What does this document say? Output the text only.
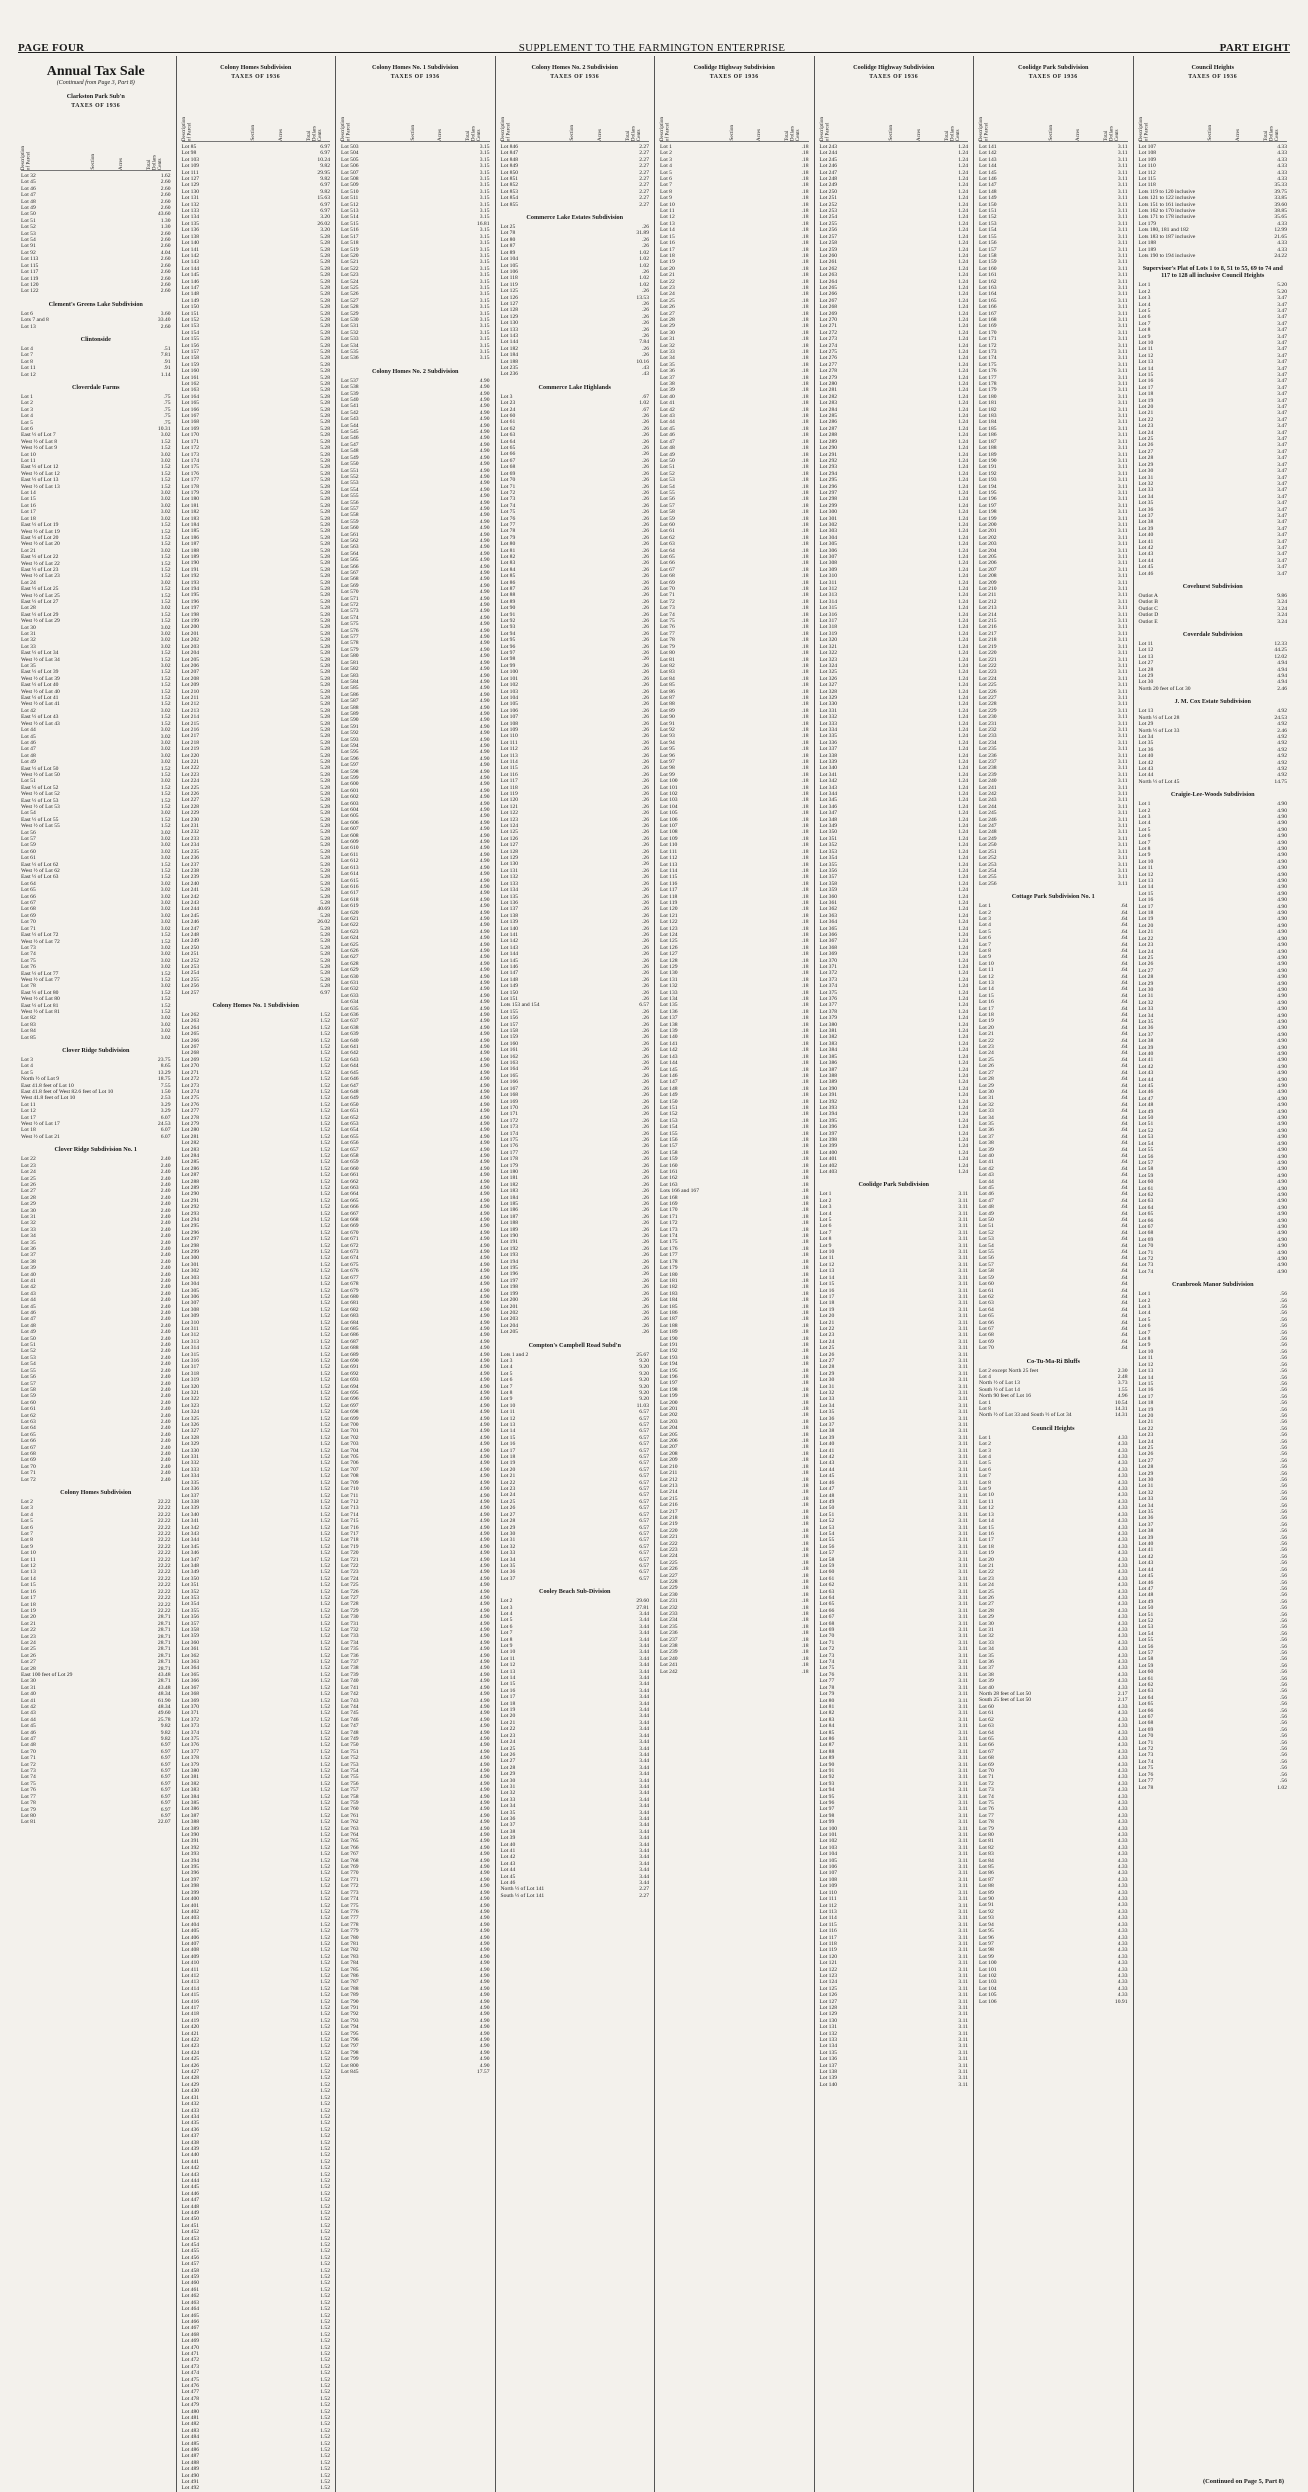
PAGE FOUR	SUPPLEMENT TO THE FARMINGTON ENTERPRISE	PART EIGHT
Annual Tax Sale
(Continued from Page 3, Part 8)
Clarkston Park Sub'n
TAXES OF 1936
Description
of Parcel	Section	Acres	Total
Dollars
Cents
Lot 32	1.62
Lot 45	2.60
Lot 46	2.60
Lot 47	2.60
Lot 48	2.60
Lot 49	2.60
Lot 50	43.60
Lot 51	1.30
Lot 52	1.30
Lot 53	2.60
Lot 54	2.60
Lot 91	2.60
Lot 92	4.04
Lot 113	2.60
Lot 115	2.60
Lot 117	2.60
Lot 119	2.60
Lot 120	2.60
Lot 122	2.60
Clement's Greens Lake Subdivision
Lot 6	3.60
Lots 7 and 8	33.40
Lot 13	2.60
Clintonside
Lot 4	.51
Lot 7	7.81
Lot 8	.91
Lot 11	.91
Lot 12	1.14
Cloverdale Farms
Lot 1	.75
Lot 2	.75
Lot 3	.75
Lot 4	.75
Lot 5	.75
Lot 6	10.31
East ½ of Lot 7	3.02
West ½ of Lot 8	1.52
West ½ of Lot 9	1.52
Lot 10	3.02
Lot 11	3.02
East ½ of Lot 12	1.52
West ½ of Lot 12	1.52
East ½ of Lot 13	1.52
West ½ of Lot 13	1.52
Lot 14	3.02
Lot 15	3.02
Lot 16	3.02
Lot 17	3.02
Lot 18	3.02
East ½ of Lot 19	1.52
West ½ of Lot 19	1.52
East ½ of Lot 20	1.52
West ½ of Lot 20	1.52
Lot 21	3.02
East ½ of Lot 22	1.52
West ½ of Lot 22	1.52
East ½ of Lot 23	1.52
West ½ of Lot 23	1.52
Lot 24	3.02
East ½ of Lot 25	1.52
West ½ of Lot 25	1.52
East ½ of Lot 27	1.52
Lot 28	3.02
East ½ of Lot 29	1.52
West ½ of Lot 29	1.52
Lot 30	3.02
Lot 31	3.02
Lot 32	3.02
Lot 33	3.02
East ½ of Lot 34	1.52
West ½ of Lot 34	1.52
Lot 35	3.02
East ½ of Lot 39	1.52
West ½ of Lot 39	1.52
East ½ of Lot 40	1.52
West ½ of Lot 40	1.52
East ½ of Lot 41	1.52
West ½ of Lot 41	1.52
Lot 42	3.02
East ½ of Lot 43	1.52
West ½ of Lot 43	1.52
Lot 44	3.02
Lot 45	3.02
Lot 46	3.02
Lot 47	3.02
Lot 48	3.02
Lot 49	3.02
East ½ of Lot 50	1.52
West ½ of Lot 50	1.52
Lot 51	3.02
East ½ of Lot 52	1.52
West ½ of Lot 52	1.52
East ½ of Lot 53	1.52
West ½ of Lot 53	1.52
Lot 54	3.02
East ½ of Lot 55	1.52
West ½ of Lot 55	1.52
Lot 56	3.02
Lot 57	3.02
Lot 59	3.02
Lot 60	3.02
Lot 61	3.02
East ½ of Lot 62	1.52
West ½ of Lot 62	1.52
East ½ of Lot 63	1.52
Lot 64	3.02
Lot 65	3.02
Lot 66	3.02
Lot 67	3.02
Lot 68	3.02
Lot 69	3.02
Lot 70	3.02
Lot 71	3.02
East ½ of Lot 72	1.52
West ½ of Lot 72	1.52
Lot 73	3.02
Lot 74	3.02
Lot 75	3.02
Lot 76	3.02
East ½ of Lot 77	1.52
West ½ of Lot 77	1.52
Lot 78	3.02
East ½ of Lot 80	1.52
West ½ of Lot 80	1.52
East ½ of Lot 81	1.52
West ½ of Lot 81	1.52
Lot 82	3.02
Lot 83	3.02
Lot 84	3.02
Lot 85	3.02
Clover Ridge Subdivision
Lot 3	23.75
Lot 4	8.65
Lot 5	13.29
North ½ of Lot 9	18.75
East 41.8 feet of Lot 10	7.55
East 41.8 feet of West 82.6 feet of Lot 10	1.50
West 41.8 feet of Lot 10	2.53
Lot 11	3.29
Lot 12	3.29
Lot 17	6.07
West ½ of Lot 17	24.53
Lot 18	6.07
West ½ of Lot 21	6.07
Clover Ridge Subdivision No. 1
Lot 22	2.40
Lot 23	2.40
Lot 24	2.40
Lot 25	2.40
Lot 26	2.40
Lot 27	2.40
Lot 28	2.40
Lot 29	2.40
Lot 30	2.40
Lot 31	2.40
Lot 32	2.40
Lot 33	2.40
Lot 34	2.40
Lot 35	2.40
Lot 36	2.40
Lot 37	2.40
Lot 38	2.40
Lot 39	2.40
Lot 40	2.40
Lot 41	2.40
Lot 42	2.40
Lot 43	2.40
Lot 44	2.40
Lot 45	2.40
Lot 46	2.40
Lot 47	2.40
Lot 48	2.40
Lot 49	2.40
Lot 50	2.40
Lot 51	2.40
Lot 52	2.40
Lot 53	2.40
Lot 54	2.40
Lot 55	2.40
Lot 56	2.40
Lot 57	2.40
Lot 58	2.40
Lot 59	2.40
Lot 60	2.40
Lot 61	2.40
Lot 62	2.40
Lot 63	2.40
Lot 64	2.40
Lot 65	2.40
Lot 66	2.40
Lot 67	2.40
Lot 68	2.40
Lot 69	2.40
Lot 70	2.40
Lot 71	2.40
Lot 72	2.40
Colony Homes Subdivision
Lot 2	22.22
Lot 3	22.22
Lot 4	22.22
Lot 5	22.22
Lot 6	22.22
Lot 7	22.22
Lot 8	22.22
Lot 9	22.22
Lot 10	22.22
Lot 11	22.22
Lot 12	22.22
Lot 13	22.22
Lot 14	22.22
Lot 15	22.22
Lot 16	22.22
Lot 17	22.22
Lot 18	22.22
Lot 19	22.22
Lot 20	28.71
Lot 21	28.71
Lot 22	28.71
Lot 23	28.71
Lot 24	28.71
Lot 25	28.71
Lot 26	28.71
Lot 27	28.71
Lot 28	28.71
East 100 feet of Lot 29	43.48
Lot 30	28.71
Lot 31	43.48
Lot 40	48.34
Lot 41	61.90
Lot 42	48.34
Lot 43	49.60
Lot 44	25.78
Lot 45	9.82
Lot 46	9.82
Lot 47	9.82
Lot 48	6.97
Lot 70	6.97
Lot 71	6.97
Lot 72	6.97
Lot 73	6.97
Lot 74	6.97
Lot 75	6.97
Lot 76	6.97
Lot 77	6.97
Lot 78	6.97
Lot 79	6.97
Lot 80	6.97
Lot 81	22.07
Colony Homes Subdivision
TAXES OF 1936
Description
of Parcel	Section	Acres	Total
Dollars
Cents
Lot 85	6.97
Lot 98	6.97
Lot 103	10.24
Lot 109	9.82
Lot 111	29.95
Lot 127	9.82
Lot 129	6.97
Lot 130	9.82
Lot 131	15.63
Lot 132	6.97
Lot 133	6.97
Lot 134	3.20
Lot 135	26.02
Lot 136	3.20
Lot 138	5.28
Lot 140	5.28
Lot 141	5.28
Lot 142	5.28
Lot 143	5.28
Lot 144	5.28
Lot 145	5.28
Lot 146	5.28
Lot 147	5.28
Lot 148	5.28
Lot 149	5.28
Lot 150	5.28
Lot 151	5.28
Lot 152	5.28
Lot 153	5.28
Lot 154	5.28
Lot 155	5.28
Lot 156	5.28
Lot 157	5.28
Lot 158	5.28
Lot 159	5.28
Lot 160	5.28
Lot 161	5.28
Lot 162	5.28
Lot 163	5.28
Lot 164	5.28
Lot 165	5.28
Lot 166	5.28
Lot 167	5.28
Lot 168	5.28
Lot 169	5.28
Lot 170	5.28
Lot 171	5.28
Lot 172	5.28
Lot 173	5.28
Lot 174	5.28
Lot 175	5.28
Lot 176	5.28
Lot 177	5.28
Lot 178	5.28
Lot 179	5.28
Lot 180	5.28
Lot 181	5.28
Lot 182	5.28
Lot 183	5.28
Lot 184	5.28
Lot 185	5.28
Lot 186	5.28
Lot 187	5.28
Lot 188	5.28
Lot 189	5.28
Lot 190	5.28
Lot 191	5.28
Lot 192	5.28
Lot 193	5.28
Lot 194	5.28
Lot 195	5.28
Lot 196	5.28
Lot 197	5.28
Lot 198	5.28
Lot 199	5.28
Lot 200	5.28
Lot 201	5.28
Lot 202	5.28
Lot 203	5.28
Lot 204	5.28
Lot 205	5.28
Lot 206	5.28
Lot 207	5.28
Lot 208	5.28
Lot 209	5.28
Lot 210	5.28
Lot 211	5.28
Lot 212	5.28
Lot 213	5.28
Lot 214	5.28
Lot 215	5.28
Lot 216	5.28
Lot 217	5.28
Lot 218	5.28
Lot 219	5.28
Lot 220	5.28
Lot 221	5.28
Lot 222	5.28
Lot 223	5.28
Lot 224	5.28
Lot 225	5.28
Lot 226	5.28
Lot 227	5.28
Lot 228	5.28
Lot 229	5.28
Lot 230	5.28
Lot 231	5.28
Lot 232	5.28
Lot 233	5.28
Lot 234	5.28
Lot 235	5.28
Lot 236	5.28
Lot 237	5.28
Lot 238	5.28
Lot 239	5.28
Lot 240	5.28
Lot 241	5.28
Lot 242	5.28
Lot 243	5.28
Lot 244	40.69
Lot 245	5.28
Lot 246	26.02
Lot 247	5.28
Lot 248	5.28
Lot 249	5.28
Lot 250	5.28
Lot 251	5.28
Lot 252	5.28
Lot 253	5.28
Lot 254	5.28
Lot 255	5.28
Lot 256	5.28
Lot 257	6.97
Colony Homes No. 1 Subdivision
Lot 262	1.52
Lot 263	1.52
Lot 264	1.52
Lot 265	1.52
Lot 266	1.52
Lot 267	1.52
Lot 268	1.52
Lot 269	1.52
Lot 270	1.52
Lot 271	1.52
Lot 272	1.52
Lot 273	1.52
Lot 274	1.52
Lot 275	1.52
Lot 276	1.52
Lot 277	1.52
Lot 278	1.52
Lot 279	1.52
Lot 280	1.52
Lot 281	1.52
Lot 282	1.52
Lot 283	1.52
Lot 284	1.52
Lot 285	1.52
Lot 286	1.52
Lot 287	1.52
Lot 288	1.52
Lot 289	1.52
Lot 290	1.52
Lot 291	1.52
Lot 292	1.52
Lot 293	1.52
Lot 294	1.52
Lot 295	1.52
Lot 296	1.52
Lot 297	1.52
Lot 298	1.52
Lot 299	1.52
Lot 300	1.52
Lot 301	1.52
Lot 302	1.52
Lot 303	1.52
Lot 304	1.52
Lot 305	1.52
Lot 306	1.52
Lot 307	1.52
Lot 308	1.52
Lot 309	1.52
Lot 310	1.52
Lot 311	1.52
Lot 312	1.52
Lot 313	1.52
Lot 314	1.52
Lot 315	1.52
Lot 316	1.52
Lot 317	1.52
Lot 318	1.52
Lot 319	1.52
Lot 320	1.52
Lot 321	1.52
Lot 322	1.52
Lot 323	1.52
Lot 324	1.52
Lot 325	1.52
Lot 326	1.52
Lot 327	1.52
Lot 328	1.52
Lot 329	1.52
Lot 330	1.52
Lot 331	1.52
Lot 332	1.52
Lot 333	1.52
Lot 334	1.52
Lot 335	1.52
Lot 336	1.52
Lot 337	1.52
Lot 338	1.52
Lot 339	1.52
Lot 340	1.52
Lot 341	1.52
Lot 342	1.52
Lot 343	1.52
Lot 344	1.52
Lot 345	1.52
Lot 346	1.52
Lot 347	1.52
Lot 348	1.52
Lot 349	1.52
Lot 350	1.52
Lot 351	1.52
Lot 352	1.52
Lot 353	1.52
Lot 354	1.52
Lot 355	1.52
Lot 356	1.52
Lot 357	1.52
Lot 358	1.52
Lot 359	1.52
Lot 360	1.52
Lot 361	1.52
Lot 362	1.52
Lot 363	1.52
Lot 364	1.52
Lot 365	1.52
Lot 366	1.52
Lot 367	1.52
Lot 368	1.52
Lot 369	1.52
Lot 370	1.52
Lot 371	1.52
Lot 372	1.52
Lot 373	1.52
Lot 374	1.52
Lot 375	1.52
Lot 376	1.52
Lot 377	1.52
Lot 378	1.52
Lot 379	1.52
Lot 380	1.52
Lot 381	1.52
Lot 382	1.52
Lot 383	1.52
Lot 384	1.52
Lot 385	1.52
Lot 386	1.52
Lot 387	1.52
Lot 388	1.52
Lot 389	1.52
Lot 390	1.52
Lot 391	1.52
Lot 392	1.52
Lot 393	1.52
Lot 394	1.52
Lot 395	1.52
Lot 396	1.52
Lot 397	1.52
Lot 398	1.52
Lot 399	1.52
Lot 400	1.52
Lot 401	1.52
Lot 402	1.52
Lot 403	1.52
Lot 404	1.52
Lot 405	1.52
Lot 406	1.52
Lot 407	1.52
Lot 408	1.52
Lot 409	1.52
Lot 410	1.52
Lot 411	1.52
Lot 412	1.52
Lot 413	1.52
Lot 414	1.52
Lot 415	1.52
Lot 416	1.52
Lot 417	1.52
Lot 418	1.52
Lot 419	1.52
Lot 420	1.52
Lot 421	1.52
Lot 422	1.52
Lot 423	1.52
Lot 424	1.52
Lot 425	1.52
Lot 426	1.52
Lot 427	1.52
Lot 428	1.52
Lot 429	1.52
Lot 430	1.52
Lot 431	1.52
Lot 432	1.52
Lot 433	1.52
Lot 434	1.52
Lot 435	1.52
Lot 436	1.52
Lot 437	1.52
Lot 438	1.52
Lot 439	1.52
Lot 440	1.52
Lot 441	1.52
Lot 442	1.52
Lot 443	1.52
Lot 444	1.52
Lot 445	1.52
Lot 446	1.52
Lot 447	1.52
Lot 448	1.52
Lot 449	1.52
Lot 450	1.52
Lot 451	1.52
Lot 452	1.52
Lot 453	1.52
Lot 454	1.52
Lot 455	1.52
Lot 456	1.52
Lot 457	1.52
Lot 458	1.52
Lot 459	1.52
Lot 460	1.52
Lot 461	1.52
Lot 462	1.52
Lot 463	1.52
Lot 464	1.52
Lot 465	1.52
Lot 466	1.52
Lot 467	1.52
Lot 468	1.52
Lot 469	1.52
Lot 470	1.52
Lot 471	1.52
Lot 472	1.52
Lot 473	1.52
Lot 474	1.52
Lot 475	1.52
Lot 476	1.52
Lot 477	1.52
Lot 478	1.52
Lot 479	1.52
Lot 480	1.52
Lot 481	1.52
Lot 482	1.52
Lot 483	1.52
Lot 484	1.52
Lot 485	1.52
Lot 486	1.52
Lot 487	1.52
Lot 488	1.52
Lot 489	1.52
Lot 490	1.52
Lot 491	1.52
Lot 492	1.52
Colony Homes No. 1 Subdivision
TAXES OF 1936
Description
of Parcel	Section	Acres	Total
Dollars
Cents
Lot 503	3.15
Lot 504	3.15
Lot 505	3.15
Lot 506	3.15
Lot 507	3.15
Lot 508	3.15
Lot 509	3.15
Lot 510	3.15
Lot 511	3.15
Lot 512	3.15
Lot 513	3.15
Lot 514	3.15
Lot 515	16.81
Lot 516	3.15
Lot 517	3.15
Lot 518	3.15
Lot 519	3.15
Lot 520	3.15
Lot 521	3.15
Lot 522	3.15
Lot 523	3.15
Lot 524	3.15
Lot 525	3.15
Lot 526	3.15
Lot 527	3.15
Lot 528	3.15
Lot 529	3.15
Lot 530	3.15
Lot 531	3.15
Lot 532	3.15
Lot 533	3.15
Lot 534	3.15
Lot 535	3.15
Lot 536	3.15
Colony Homes No. 2 Subdivision
Lot 537	4.90
Lot 538	4.90
Lot 539	4.90
Lot 540	4.90
Lot 541	4.90
Lot 542	4.90
Lot 543	4.90
Lot 544	4.90
Lot 545	4.90
Lot 546	4.90
Lot 547	4.90
Lot 548	4.90
Lot 549	4.90
Lot 550	4.90
Lot 551	4.90
Lot 552	4.90
Lot 553	4.90
Lot 554	4.90
Lot 555	4.90
Lot 556	4.90
Lot 557	4.90
Lot 558	4.90
Lot 559	4.90
Lot 560	4.90
Lot 561	4.90
Lot 562	4.90
Lot 563	4.90
Lot 564	4.90
Lot 565	4.90
Lot 566	4.90
Lot 567	4.90
Lot 568	4.90
Lot 569	4.90
Lot 570	4.90
Lot 571	4.90
Lot 572	4.90
Lot 573	4.90
Lot 574	4.90
Lot 575	4.90
Lot 576	4.90
Lot 577	4.90
Lot 578	4.90
Lot 579	4.90
Lot 580	4.90
Lot 581	4.90
Lot 582	4.90
Lot 583	4.90
Lot 584	4.90
Lot 585	4.90
Lot 586	4.90
Lot 587	4.90
Lot 588	4.90
Lot 589	4.90
Lot 590	4.90
Lot 591	4.90
Lot 592	4.90
Lot 593	4.90
Lot 594	4.90
Lot 595	4.90
Lot 596	4.90
Lot 597	4.90
Lot 598	4.90
Lot 599	4.90
Lot 600	4.90
Lot 601	4.90
Lot 602	4.90
Lot 603	4.90
Lot 604	4.90
Lot 605	4.90
Lot 606	4.90
Lot 607	4.90
Lot 608	4.90
Lot 609	4.90
Lot 610	4.90
Lot 611	4.90
Lot 612	4.90
Lot 613	4.90
Lot 614	4.90
Lot 615	4.90
Lot 616	4.90
Lot 617	4.90
Lot 618	4.90
Lot 619	4.90
Lot 620	4.90
Lot 621	4.90
Lot 622	4.90
Lot 623	4.90
Lot 624	4.90
Lot 625	4.90
Lot 626	4.90
Lot 627	4.90
Lot 628	4.90
Lot 629	4.90
Lot 630	4.90
Lot 631	4.90
Lot 632	4.90
Lot 633	4.90
Lot 634	4.90
Lot 635	4.90
Lot 636	4.90
Lot 637	4.90
Lot 638	4.90
Lot 639	4.90
Lot 640	4.90
Lot 641	4.90
Lot 642	4.90
Lot 643	4.90
Lot 644	4.90
Lot 645	4.90
Lot 646	4.90
Lot 647	4.90
Lot 648	4.90
Lot 649	4.90
Lot 650	4.90
Lot 651	4.90
Lot 652	4.90
Lot 653	4.90
Lot 654	4.90
Lot 655	4.90
Lot 656	4.90
Lot 657	4.90
Lot 658	4.90
Lot 659	4.90
Lot 660	4.90
Lot 661	4.90
Lot 662	4.90
Lot 663	4.90
Lot 664	4.90
Lot 665	4.90
Lot 666	4.90
Lot 667	4.90
Lot 668	4.90
Lot 669	4.90
Lot 670	4.90
Lot 671	4.90
Lot 672	4.90
Lot 673	4.90
Lot 674	4.90
Lot 675	4.90
Lot 676	4.90
Lot 677	4.90
Lot 678	4.90
Lot 679	4.90
Lot 680	4.90
Lot 681	4.90
Lot 682	4.90
Lot 683	4.90
Lot 684	4.90
Lot 685	4.90
Lot 686	4.90
Lot 687	4.90
Lot 688	4.90
Lot 689	4.90
Lot 690	4.90
Lot 691	4.90
Lot 692	4.90
Lot 693	4.90
Lot 694	4.90
Lot 695	4.90
Lot 696	4.90
Lot 697	4.90
Lot 698	4.90
Lot 699	4.90
Lot 700	4.90
Lot 701	4.90
Lot 702	4.90
Lot 703	4.90
Lot 704	4.90
Lot 705	4.90
Lot 706	4.90
Lot 707	4.90
Lot 708	4.90
Lot 709	4.90
Lot 710	4.90
Lot 711	4.90
Lot 712	4.90
Lot 713	4.90
Lot 714	4.90
Lot 715	4.90
Lot 716	4.90
Lot 717	4.90
Lot 718	4.90
Lot 719	4.90
Lot 720	4.90
Lot 721	4.90
Lot 722	4.90
Lot 723	4.90
Lot 724	4.90
Lot 725	4.90
Lot 726	4.90
Lot 727	4.90
Lot 728	4.90
Lot 729	4.90
Lot 730	4.90
Lot 731	4.90
Lot 732	4.90
Lot 733	4.90
Lot 734	4.90
Lot 735	4.90
Lot 736	4.90
Lot 737	4.90
Lot 738	4.90
Lot 739	4.90
Lot 740	4.90
Lot 741	4.90
Lot 742	4.90
Lot 743	4.90
Lot 744	4.90
Lot 745	4.90
Lot 746	4.90
Lot 747	4.90
Lot 748	4.90
Lot 749	4.90
Lot 750	4.90
Lot 751	4.90
Lot 752	4.90
Lot 753	4.90
Lot 754	4.90
Lot 755	4.90
Lot 756	4.90
Lot 757	4.90
Lot 758	4.90
Lot 759	4.90
Lot 760	4.90
Lot 761	4.90
Lot 762	4.90
Lot 763	4.90
Lot 764	4.90
Lot 765	4.90
Lot 766	4.90
Lot 767	4.90
Lot 768	4.90
Lot 769	4.90
Lot 770	4.90
Lot 771	4.90
Lot 772	4.90
Lot 773	4.90
Lot 774	4.90
Lot 775	4.90
Lot 776	4.90
Lot 777	4.90
Lot 778	4.90
Lot 779	4.90
Lot 780	4.90
Lot 781	4.90
Lot 782	4.90
Lot 783	4.90
Lot 784	4.90
Lot 785	4.90
Lot 786	4.90
Lot 787	4.90
Lot 788	4.90
Lot 789	4.90
Lot 790	4.90
Lot 791	4.90
Lot 792	4.90
Lot 793	4.90
Lot 794	4.90
Lot 795	4.90
Lot 796	4.90
Lot 797	4.90
Lot 798	4.90
Lot 799	4.90
Lot 800	4.90
Lot 845	17.57
Colony Homes No. 2 Subdivision
TAXES OF 1936
Description
of Parcel	Section	Acres	Total
Dollars
Cents
Lot 846	2.27
Lot 847	2.27
Lot 848	2.27
Lot 849	2.27
Lot 850	2.27
Lot 851	2.27
Lot 852	2.27
Lot 853	2.27
Lot 854	2.27
Lot 855	2.27
Commerce Lake Estates Subdivision
Lot 25	.26
Lot 78	31.89
Lot 80	.26
Lot 87	.26
Lot 89	1.02
Lot 104	1.02
Lot 105	1.02
Lot 106	.26
Lot 118	1.02
Lot 119	1.02
Lot 125	.26
Lot 126	13.53
Lot 127	.26
Lot 128	.26
Lot 129	.26
Lot 130	.26
Lot 133	.26
Lot 143	.26
Lot 144	7.84
Lot 182	.26
Lot 184	.26
Lot 188	10.16
Lot 235	.43
Lot 236	.43
Commerce Lake Highlands
Lot 3	.67
Lot 23	1.02
Lot 24	.67
Lot 60	.26
Lot 61	.26
Lot 62	.26
Lot 63	.26
Lot 64	.26
Lot 65	.26
Lot 66	.26
Lot 67	.26
Lot 68	.26
Lot 69	.26
Lot 70	.26
Lot 71	.26
Lot 72	.26
Lot 73	.26
Lot 74	.26
Lot 75	.26
Lot 76	.26
Lot 77	.26
Lot 78	.26
Lot 79	.26
Lot 80	.26
Lot 81	.26
Lot 82	.26
Lot 83	.26
Lot 84	.26
Lot 85	.26
Lot 86	.26
Lot 87	.26
Lot 88	.26
Lot 89	.26
Lot 90	.26
Lot 91	.26
Lot 92	.26
Lot 93	.26
Lot 94	.26
Lot 95	.26
Lot 96	.26
Lot 97	.26
Lot 98	.26
Lot 99	.26
Lot 100	.26
Lot 101	.26
Lot 102	.26
Lot 103	.26
Lot 104	.26
Lot 105	.26
Lot 106	.26
Lot 107	.26
Lot 108	.26
Lot 109	.26
Lot 110	.26
Lot 111	.26
Lot 112	.26
Lot 113	.26
Lot 114	.26
Lot 115	.26
Lot 116	.26
Lot 117	.26
Lot 118	.26
Lot 119	.26
Lot 120	.26
Lot 121	.26
Lot 122	.26
Lot 123	.26
Lot 124	.26
Lot 125	.26
Lot 126	.26
Lot 127	.26
Lot 128	.26
Lot 129	.26
Lot 130	.26
Lot 131	.26
Lot 132	.26
Lot 133	.26
Lot 134	.26
Lot 135	.26
Lot 136	.26
Lot 137	.26
Lot 138	.26
Lot 139	.26
Lot 140	.26
Lot 141	.26
Lot 142	.26
Lot 143	.26
Lot 144	.26
Lot 145	.26
Lot 146	.26
Lot 147	.26
Lot 148	.26
Lot 149	.26
Lot 150	.26
Lot 151	.26
Lots 153 and 154	6.57
Lot 155	.26
Lot 156	.26
Lot 157	.26
Lot 158	.26
Lot 159	.26
Lot 160	.26
Lot 161	.26
Lot 162	.26
Lot 163	.26
Lot 164	.26
Lot 165	.26
Lot 166	.26
Lot 167	.26
Lot 168	.26
Lot 169	.26
Lot 170	.26
Lot 171	.26
Lot 172	.26
Lot 173	.26
Lot 174	.26
Lot 175	.26
Lot 176	.26
Lot 177	.26
Lot 178	.26
Lot 179	.26
Lot 180	.26
Lot 181	.26
Lot 182	.26
Lot 183	.26
Lot 184	.26
Lot 185	.26
Lot 186	.26
Lot 187	.26
Lot 188	.26
Lot 189	.26
Lot 190	.26
Lot 191	.26
Lot 192	.26
Lot 193	.26
Lot 194	.26
Lot 195	.26
Lot 196	.26
Lot 197	.26
Lot 198	.26
Lot 199	.26
Lot 200	.26
Lot 201	.26
Lot 202	.26
Lot 203	.26
Lot 204	.26
Lot 205	.26
Compton's Campbell Road Subd'n
Lots 1 and 2	25.67
Lot 3	9.20
Lot 4	9.20
Lot 5	9.20
Lot 6	9.20
Lot 7	9.20
Lot 8	9.20
Lot 9	9.20
Lot 10	11.03
Lot 11	6.57
Lot 12	6.57
Lot 13	6.57
Lot 14	6.57
Lot 15	6.57
Lot 16	6.57
Lot 17	6.57
Lot 18	6.57
Lot 19	6.57
Lot 20	6.57
Lot 21	6.57
Lot 22	6.57
Lot 23	6.57
Lot 24	6.57
Lot 25	6.57
Lot 26	6.57
Lot 27	6.57
Lot 28	6.57
Lot 29	6.57
Lot 30	6.57
Lot 31	6.57
Lot 32	6.57
Lot 33	6.57
Lot 34	6.57
Lot 35	6.57
Lot 36	6.57
Lot 37	6.57
Cooley Beach Sub-Division
Lot 2	29.60
Lot 3	27.81
Lot 4	3.44
Lot 5	3.44
Lot 6	3.44
Lot 7	3.44
Lot 8	3.44
Lot 9	3.44
Lot 10	3.44
Lot 11	3.44
Lot 12	3.44
Lot 13	3.44
Lot 14	3.44
Lot 15	3.44
Lot 16	3.44
Lot 17	3.44
Lot 18	3.44
Lot 19	3.44
Lot 20	3.44
Lot 21	3.44
Lot 22	3.44
Lot 23	3.44
Lot 24	3.44
Lot 25	3.44
Lot 26	3.44
Lot 27	3.44
Lot 28	3.44
Lot 29	3.44
Lot 30	3.44
Lot 31	3.44
Lot 32	3.44
Lot 33	3.44
Lot 34	3.44
Lot 35	3.44
Lot 36	3.44
Lot 37	3.44
Lot 38	3.44
Lot 39	3.44
Lot 40	3.44
Lot 41	3.44
Lot 42	3.44
Lot 43	3.44
Lot 44	3.44
Lot 45	3.44
Lot 46	3.44
North ½ of Lot 141	2.27
South ½ of Lot 141	2.27
Coolidge Highway Subdivision
TAXES OF 1936
Description
of Parcel	Section	Acres	Total
Dollars
Cents
Lot 1	.18
Lot 2	.18
Lot 3	.18
Lot 4	.18
Lot 5	.18
Lot 6	.18
Lot 7	.18
Lot 8	.18
Lot 9	.18
Lot 10	.18
Lot 11	.18
Lot 12	.18
Lot 13	.18
Lot 14	.18
Lot 15	.18
Lot 16	.18
Lot 17	.18
Lot 18	.18
Lot 19	.18
Lot 20	.18
Lot 21	.18
Lot 22	.18
Lot 23	.18
Lot 24	.18
Lot 25	.18
Lot 26	.18
Lot 27	.18
Lot 28	.18
Lot 29	.18
Lot 30	.18
Lot 31	.18
Lot 32	.18
Lot 33	.18
Lot 34	.18
Lot 35	.18
Lot 36	.18
Lot 37	.18
Lot 38	.18
Lot 39	.18
Lot 40	.18
Lot 41	.18
Lot 42	.18
Lot 43	.18
Lot 44	.18
Lot 45	.18
Lot 46	.18
Lot 47	.18
Lot 48	.18
Lot 49	.18
Lot 50	.18
Lot 51	.18
Lot 52	.18
Lot 53	.18
Lot 54	.18
Lot 55	.18
Lot 56	.18
Lot 57	.18
Lot 58	.18
Lot 59	.18
Lot 60	.18
Lot 61	.18
Lot 62	.18
Lot 63	.18
Lot 64	.18
Lot 65	.18
Lot 66	.18
Lot 67	.18
Lot 68	.18
Lot 69	.18
Lot 70	.18
Lot 71	.18
Lot 72	.18
Lot 73	.18
Lot 74	.18
Lot 75	.18
Lot 76	.18
Lot 77	.18
Lot 78	.18
Lot 79	.18
Lot 80	.18
Lot 81	.18
Lot 82	.18
Lot 83	.18
Lot 84	.18
Lot 85	.18
Lot 86	.18
Lot 87	.18
Lot 88	.18
Lot 89	.18
Lot 90	.18
Lot 91	.18
Lot 92	.18
Lot 93	.18
Lot 94	.18
Lot 95	.18
Lot 96	.18
Lot 97	.18
Lot 98	.18
Lot 99	.18
Lot 100	.18
Lot 101	.18
Lot 102	.18
Lot 103	.18
Lot 104	.18
Lot 105	.18
Lot 106	.18
Lot 107	.18
Lot 108	.18
Lot 109	.18
Lot 110	.18
Lot 111	.18
Lot 112	.18
Lot 113	.18
Lot 114	.18
Lot 115	.18
Lot 116	.18
Lot 117	.18
Lot 118	.18
Lot 119	.18
Lot 120	.18
Lot 121	.18
Lot 122	.18
Lot 123	.18
Lot 124	.18
Lot 125	.18
Lot 126	.18
Lot 127	.18
Lot 128	.18
Lot 129	.18
Lot 130	.18
Lot 131	.18
Lot 132	.18
Lot 133	.18
Lot 134	.18
Lot 135	.18
Lot 136	.18
Lot 137	.18
Lot 138	.18
Lot 139	.18
Lot 140	.18
Lot 141	.18
Lot 142	.18
Lot 143	.18
Lot 144	.18
Lot 145	.18
Lot 146	.18
Lot 147	.18
Lot 148	.18
Lot 149	.18
Lot 150	.18
Lot 151	.18
Lot 152	.18
Lot 153	.18
Lot 154	.18
Lot 155	.18
Lot 156	.18
Lot 157	.18
Lot 158	.18
Lot 159	.18
Lot 160	.18
Lot 161	.18
Lot 162	.18
Lot 163	.18
Lots 166 and 167	.18
Lot 168	.18
Lot 169	.18
Lot 170	.18
Lot 171	.18
Lot 172	.18
Lot 173	.18
Lot 174	.18
Lot 175	.18
Lot 176	.18
Lot 177	.18
Lot 178	.18
Lot 179	.18
Lot 180	.18
Lot 181	.18
Lot 182	.18
Lot 183	.18
Lot 184	.18
Lot 185	.18
Lot 186	.18
Lot 187	.18
Lot 188	.18
Lot 189	.18
Lot 190	.18
Lot 191	.18
Lot 192	.18
Lot 193	.18
Lot 194	.18
Lot 195	.18
Lot 196	.18
Lot 197	.18
Lot 198	.18
Lot 199	.18
Lot 200	.18
Lot 201	.18
Lot 202	.18
Lot 203	.18
Lot 204	.18
Lot 205	.18
Lot 206	.18
Lot 207	.18
Lot 208	.18
Lot 209	.18
Lot 210	.18
Lot 211	.18
Lot 212	.18
Lot 213	.18
Lot 214	.18
Lot 215	.18
Lot 216	.18
Lot 217	.18
Lot 218	.18
Lot 219	.18
Lot 220	.18
Lot 221	.18
Lot 222	.18
Lot 223	.18
Lot 224	.18
Lot 225	.18
Lot 226	.18
Lot 227	.18
Lot 228	.18
Lot 229	.18
Lot 230	.18
Lot 231	.18
Lot 232	.18
Lot 233	.18
Lot 234	.18
Lot 235	.18
Lot 236	.18
Lot 237	.18
Lot 238	.18
Lot 239	.18
Lot 240	.18
Lot 241	.18
Lot 242	.18
Coolidge Highway Subdivision
TAXES OF 1936
Description
of Parcel	Section	Acres	Total
Dollars
Cents
Lot 243	1.24
Lot 244	1.24
Lot 245	1.24
Lot 246	1.24
Lot 247	1.24
Lot 248	1.24
Lot 249	1.24
Lot 250	1.24
Lot 251	1.24
Lot 252	1.24
Lot 253	1.24
Lot 254	1.24
Lot 255	1.24
Lot 256	1.24
Lot 257	1.24
Lot 258	1.24
Lot 259	1.24
Lot 260	1.24
Lot 261	1.24
Lot 262	1.24
Lot 263	1.24
Lot 264	1.24
Lot 265	1.24
Lot 266	1.24
Lot 267	1.24
Lot 268	1.24
Lot 269	1.24
Lot 270	1.24
Lot 271	1.24
Lot 272	1.24
Lot 273	1.24
Lot 274	1.24
Lot 275	1.24
Lot 276	1.24
Lot 277	1.24
Lot 278	1.24
Lot 279	1.24
Lot 280	1.24
Lot 281	1.24
Lot 282	1.24
Lot 283	1.24
Lot 284	1.24
Lot 285	1.24
Lot 286	1.24
Lot 287	1.24
Lot 288	1.24
Lot 289	1.24
Lot 290	1.24
Lot 291	1.24
Lot 292	1.24
Lot 293	1.24
Lot 294	1.24
Lot 295	1.24
Lot 296	1.24
Lot 297	1.24
Lot 298	1.24
Lot 299	1.24
Lot 300	1.24
Lot 301	1.24
Lot 302	1.24
Lot 303	1.24
Lot 304	1.24
Lot 305	1.24
Lot 306	1.24
Lot 307	1.24
Lot 308	1.24
Lot 309	1.24
Lot 310	1.24
Lot 311	1.24
Lot 312	1.24
Lot 313	1.24
Lot 314	1.24
Lot 315	1.24
Lot 316	1.24
Lot 317	1.24
Lot 318	1.24
Lot 319	1.24
Lot 320	1.24
Lot 321	1.24
Lot 322	1.24
Lot 323	1.24
Lot 324	1.24
Lot 325	1.24
Lot 326	1.24
Lot 327	1.24
Lot 328	1.24
Lot 329	1.24
Lot 330	1.24
Lot 331	1.24
Lot 332	1.24
Lot 333	1.24
Lot 334	1.24
Lot 335	1.24
Lot 336	1.24
Lot 337	1.24
Lot 338	1.24
Lot 339	1.24
Lot 340	1.24
Lot 341	1.24
Lot 342	1.24
Lot 343	1.24
Lot 344	1.24
Lot 345	1.24
Lot 346	1.24
Lot 347	1.24
Lot 348	1.24
Lot 349	1.24
Lot 350	1.24
Lot 351	1.24
Lot 352	1.24
Lot 353	1.24
Lot 354	1.24
Lot 355	1.24
Lot 356	1.24
Lot 357	1.24
Lot 358	1.24
Lot 359	1.24
Lot 360	1.24
Lot 361	1.24
Lot 362	1.24
Lot 363	1.24
Lot 364	1.24
Lot 365	1.24
Lot 366	1.24
Lot 367	1.24
Lot 368	1.24
Lot 369	1.24
Lot 370	1.24
Lot 371	1.24
Lot 372	1.24
Lot 373	1.24
Lot 374	1.24
Lot 375	1.24
Lot 376	1.24
Lot 377	1.24
Lot 378	1.24
Lot 379	1.24
Lot 380	1.24
Lot 381	1.24
Lot 382	1.24
Lot 383	1.24
Lot 384	1.24
Lot 385	1.24
Lot 386	1.24
Lot 387	1.24
Lot 388	1.24
Lot 389	1.24
Lot 390	1.24
Lot 391	1.24
Lot 392	1.24
Lot 393	1.24
Lot 394	1.24
Lot 395	1.24
Lot 396	1.24
Lot 397	1.24
Lot 398	1.24
Lot 399	1.24
Lot 400	1.24
Lot 401	1.24
Lot 402	1.24
Lot 403	1.24
Coolidge Park Subdivision
Lot 1	3.11
Lot 2	3.11
Lot 3	3.11
Lot 4	3.11
Lot 5	3.11
Lot 6	3.11
Lot 7	3.11
Lot 8	3.11
Lot 9	3.11
Lot 10	3.11
Lot 11	3.11
Lot 12	3.11
Lot 13	3.11
Lot 14	3.11
Lot 15	3.11
Lot 16	3.11
Lot 17	3.11
Lot 18	3.11
Lot 19	3.11
Lot 20	3.11
Lot 21	3.11
Lot 22	3.11
Lot 23	3.11
Lot 24	3.11
Lot 25	3.11
Lot 26	3.11
Lot 27	3.11
Lot 28	3.11
Lot 29	3.11
Lot 30	3.11
Lot 31	3.11
Lot 32	3.11
Lot 33	3.11
Lot 34	3.11
Lot 35	3.11
Lot 36	3.11
Lot 37	3.11
Lot 38	3.11
Lot 39	3.11
Lot 40	3.11
Lot 41	3.11
Lot 42	3.11
Lot 43	3.11
Lot 44	3.11
Lot 45	3.11
Lot 46	3.11
Lot 47	3.11
Lot 48	3.11
Lot 49	3.11
Lot 50	3.11
Lot 51	3.11
Lot 52	3.11
Lot 53	3.11
Lot 54	3.11
Lot 55	3.11
Lot 56	3.11
Lot 57	3.11
Lot 58	3.11
Lot 59	3.11
Lot 60	3.11
Lot 61	3.11
Lot 62	3.11
Lot 63	3.11
Lot 64	3.11
Lot 65	3.11
Lot 66	3.11
Lot 67	3.11
Lot 68	3.11
Lot 69	3.11
Lot 70	3.11
Lot 71	3.11
Lot 72	3.11
Lot 73	3.11
Lot 74	3.11
Lot 75	3.11
Lot 76	3.11
Lot 77	3.11
Lot 78	3.11
Lot 79	3.11
Lot 80	3.11
Lot 81	3.11
Lot 82	3.11
Lot 83	3.11
Lot 84	3.11
Lot 85	3.11
Lot 86	3.11
Lot 87	3.11
Lot 88	3.11
Lot 89	3.11
Lot 90	3.11
Lot 91	3.11
Lot 92	3.11
Lot 93	3.11
Lot 94	3.11
Lot 95	3.11
Lot 96	3.11
Lot 97	3.11
Lot 98	3.11
Lot 99	3.11
Lot 100	3.11
Lot 101	3.11
Lot 102	3.11
Lot 103	3.11
Lot 104	3.11
Lot 105	3.11
Lot 106	3.11
Lot 107	3.11
Lot 108	3.11
Lot 109	3.11
Lot 110	3.11
Lot 111	3.11
Lot 112	3.11
Lot 113	3.11
Lot 114	3.11
Lot 115	3.11
Lot 116	3.11
Lot 117	3.11
Lot 118	3.11
Lot 119	3.11
Lot 120	3.11
Lot 121	3.11
Lot 122	3.11
Lot 123	3.11
Lot 124	3.11
Lot 125	3.11
Lot 126	3.11
Lot 127	3.11
Lot 128	3.11
Lot 129	3.11
Lot 130	3.11
Lot 131	3.11
Lot 132	3.11
Lot 133	3.11
Lot 134	3.11
Lot 135	3.11
Lot 136	3.11
Lot 137	3.11
Lot 138	3.11
Lot 139	3.11
Lot 140	3.11
Coolidge Park Subdivision
TAXES OF 1936
Description
of Parcel	Section	Acres	Total
Dollars
Cents
Lot 141	3.11
Lot 142	3.11
Lot 143	3.11
Lot 144	3.11
Lot 145	3.11
Lot 146	3.11
Lot 147	3.11
Lot 148	3.11
Lot 149	3.11
Lot 150	3.11
Lot 151	3.11
Lot 152	3.11
Lot 153	3.11
Lot 154	3.11
Lot 155	3.11
Lot 156	3.11
Lot 157	3.11
Lot 158	3.11
Lot 159	3.11
Lot 160	3.11
Lot 161	3.11
Lot 162	3.11
Lot 163	3.11
Lot 164	3.11
Lot 165	3.11
Lot 166	3.11
Lot 167	3.11
Lot 168	3.11
Lot 169	3.11
Lot 170	3.11
Lot 171	3.11
Lot 172	3.11
Lot 173	3.11
Lot 174	3.11
Lot 175	3.11
Lot 176	3.11
Lot 177	3.11
Lot 178	3.11
Lot 179	3.11
Lot 180	3.11
Lot 181	3.11
Lot 182	3.11
Lot 183	3.11
Lot 184	3.11
Lot 185	3.11
Lot 186	3.11
Lot 187	3.11
Lot 188	3.11
Lot 189	3.11
Lot 190	3.11
Lot 191	3.11
Lot 192	3.11
Lot 193	3.11
Lot 194	3.11
Lot 195	3.11
Lot 196	3.11
Lot 197	3.11
Lot 198	3.11
Lot 199	3.11
Lot 200	3.11
Lot 201	3.11
Lot 202	3.11
Lot 203	3.11
Lot 204	3.11
Lot 205	3.11
Lot 206	3.11
Lot 207	3.11
Lot 208	3.11
Lot 209	3.11
Lot 210	3.11
Lot 211	3.11
Lot 212	3.11
Lot 213	3.11
Lot 214	3.11
Lot 215	3.11
Lot 216	3.11
Lot 217	3.11
Lot 218	3.11
Lot 219	3.11
Lot 220	3.11
Lot 221	3.11
Lot 222	3.11
Lot 223	3.11
Lot 224	3.11
Lot 225	3.11
Lot 226	3.11
Lot 227	3.11
Lot 228	3.11
Lot 229	3.11
Lot 230	3.11
Lot 231	3.11
Lot 232	3.11
Lot 233	3.11
Lot 234	3.11
Lot 235	3.11
Lot 236	3.11
Lot 237	3.11
Lot 238	3.11
Lot 239	3.11
Lot 240	3.11
Lot 241	3.11
Lot 242	3.11
Lot 243	3.11
Lot 244	3.11
Lot 245	3.11
Lot 246	3.11
Lot 247	3.11
Lot 248	3.11
Lot 249	3.11
Lot 250	3.11
Lot 251	3.11
Lot 252	3.11
Lot 253	3.11
Lot 254	3.11
Lot 255	3.11
Lot 256	3.11
Cottage Park Subdivision No. 1
Lot 1	.64
Lot 2	.64
Lot 3	.64
Lot 4	.64
Lot 5	.64
Lot 6	.64
Lot 7	.64
Lot 8	.64
Lot 9	.64
Lot 10	.64
Lot 11	.64
Lot 12	.64
Lot 13	.64
Lot 14	.64
Lot 15	.64
Lot 16	.64
Lot 17	.64
Lot 18	.64
Lot 19	.64
Lot 20	.64
Lot 21	.64
Lot 22	.64
Lot 23	.64
Lot 24	.64
Lot 25	.64
Lot 26	.64
Lot 27	.64
Lot 28	.64
Lot 29	.64
Lot 30	.64
Lot 31	.64
Lot 32	.64
Lot 33	.64
Lot 34	.64
Lot 35	.64
Lot 36	.64
Lot 37	.64
Lot 38	.64
Lot 39	.64
Lot 40	.64
Lot 41	.64
Lot 42	.64
Lot 43	.64
Lot 44	.64
Lot 45	.64
Lot 46	.64
Lot 47	.64
Lot 48	.64
Lot 49	.64
Lot 50	.64
Lot 51	.64
Lot 52	.64
Lot 53	.64
Lot 54	.64
Lot 55	.64
Lot 56	.64
Lot 57	.64
Lot 58	.64
Lot 59	.64
Lot 60	.64
Lot 61	.64
Lot 62	.64
Lot 63	.64
Lot 64	.64
Lot 65	.64
Lot 66	.64
Lot 67	.64
Lot 68	.64
Lot 69	.64
Lot 70	.64
Co-Tu-Ma-Ri Bluffs
Lot 2 except North 25 feet	2.30
Lot 4	2.48
North ½ of Lot 13	3.73
South ½ of Lot 14	1.55
North 90 feet of Lot 16	4.96
Lot 1	10.54
Lot 8	14.31
North ½ of Lot 33 and South ½ of Lot 34	14.31
Council Heights
Lot 1	4.33
Lot 2	4.33
Lot 3	4.33
Lot 4	4.33
Lot 5	4.33
Lot 6	4.33
Lot 7	4.33
Lot 8	4.33
Lot 9	4.33
Lot 10	4.33
Lot 11	4.33
Lot 12	4.33
Lot 13	4.33
Lot 14	4.33
Lot 15	4.33
Lot 16	4.33
Lot 17	4.33
Lot 18	4.33
Lot 19	4.33
Lot 20	4.33
Lot 21	4.33
Lot 22	4.33
Lot 23	4.33
Lot 24	4.33
Lot 25	4.33
Lot 26	4.33
Lot 27	4.33
Lot 28	4.33
Lot 29	4.33
Lot 30	4.33
Lot 31	4.33
Lot 32	4.33
Lot 33	4.33
Lot 34	4.33
Lot 35	4.33
Lot 36	4.33
Lot 37	4.33
Lot 38	4.33
Lot 39	4.33
Lot 40	4.33
North 28 feet of Lot 50	2.17
South 25 feet of Lot 50	2.17
Lot 60	4.33
Lot 61	4.33
Lot 62	4.33
Lot 63	4.33
Lot 64	4.33
Lot 65	4.33
Lot 66	4.33
Lot 67	4.33
Lot 68	4.33
Lot 69	4.33
Lot 70	4.33
Lot 71	4.33
Lot 72	4.33
Lot 73	4.33
Lot 74	4.33
Lot 75	4.33
Lot 76	4.33
Lot 77	4.33
Lot 78	4.33
Lot 79	4.33
Lot 80	4.33
Lot 81	4.33
Lot 82	4.33
Lot 83	4.33
Lot 84	4.33
Lot 85	4.33
Lot 86	4.33
Lot 87	4.33
Lot 88	4.33
Lot 89	4.33
Lot 90	4.33
Lot 91	4.33
Lot 92	4.33
Lot 93	4.33
Lot 94	4.33
Lot 95	4.33
Lot 96	4.33
Lot 97	4.33
Lot 98	4.33
Lot 99	4.33
Lot 100	4.33
Lot 101	4.33
Lot 102	4.33
Lot 103	4.33
Lot 104	4.33
Lot 105	4.33
Lot 106	10.91
Council Heights
TAXES OF 1936
Description
of Parcel	Section	Acres	Total
Dollars
Cents
Lot 107	4.33
Lot 108	4.33
Lot 109	4.33
Lot 110	4.33
Lot 112	4.33
Lot 115	4.33
Lot 118	35.33
Lots 119 to 120 inclusive	39.75
Lots 121 to 122 inclusive	33.85
Lots 151 to 161 inclusive	39.60
Lots 162 to 170 inclusive	38.85
Lots 171 to 178 inclusive	35.65
Lot 179	4.33
Lots 180, 181 and 182	12.99
Lots 183 to 187 inclusive	21.65
Lot 188	4.33
Lot 189	4.33
Lots 190 to 194 inclusive	24.22
Supervisor's Plat of Lots 1 to 8, 51 to 55, 69 to 74 and 117 to 128 all inclusive Council Heights
Lot 1	5.20
Lot 2	5.20
Lot 3	3.47
Lot 4	3.47
Lot 5	3.47
Lot 6	3.47
Lot 7	3.47
Lot 8	3.47
Lot 9	3.47
Lot 10	3.47
Lot 11	3.47
Lot 12	3.47
Lot 13	3.47
Lot 14	3.47
Lot 15	3.47
Lot 16	3.47
Lot 17	3.47
Lot 18	3.47
Lot 19	3.47
Lot 20	3.47
Lot 21	3.47
Lot 22	3.47
Lot 23	3.47
Lot 24	3.47
Lot 25	3.47
Lot 26	3.47
Lot 27	3.47
Lot 28	3.47
Lot 29	3.47
Lot 30	3.47
Lot 31	3.47
Lot 32	3.47
Lot 33	3.47
Lot 34	3.47
Lot 35	3.47
Lot 36	3.47
Lot 37	3.47
Lot 38	3.47
Lot 39	3.47
Lot 40	3.47
Lot 41	3.47
Lot 42	3.47
Lot 43	3.47
Lot 44	3.47
Lot 45	3.47
Lot 46	3.47
Covehurst Subdivision
Outlot A	9.86
Outlot B	3.24
Outlot C	3.24
Outlot D	3.24
Outlot E	3.24
Coverdale Subdivision
Lot 11	12.33
Lot 12	44.25
Lot 13	12.02
Lot 27	4.94
Lot 28	4.94
Lot 29	4.94
Lot 30	4.94
North 20 feet of Lot 30	2.46
J. M. Cox Estate Subdivision
Lot 13	4.92
North ½ of Lot 28	24.53
Lot 29	4.92
North ½ of Lot 33	2.46
Lot 34	4.92
Lot 35	4.92
Lot 36	4.92
Lot 40	4.92
Lot 42	4.92
Lot 43	4.92
Lot 44	4.92
North ½ of Lot 45	14.75
Craigie-Lee-Woods Subdivision
Lot 1	4.90
Lot 2	4.90
Lot 3	4.90
Lot 4	4.90
Lot 5	4.90
Lot 6	4.90
Lot 7	4.90
Lot 8	4.90
Lot 9	4.90
Lot 10	4.90
Lot 11	4.90
Lot 12	4.90
Lot 13	4.90
Lot 14	4.90
Lot 15	4.90
Lot 16	4.90
Lot 17	4.90
Lot 18	4.90
Lot 19	4.90
Lot 20	4.90
Lot 21	4.90
Lot 22	4.90
Lot 23	4.90
Lot 24	4.90
Lot 25	4.90
Lot 26	4.90
Lot 27	4.90
Lot 28	4.90
Lot 29	4.90
Lot 30	4.90
Lot 31	4.90
Lot 32	4.90
Lot 33	4.90
Lot 34	4.90
Lot 35	4.90
Lot 36	4.90
Lot 37	4.90
Lot 38	4.90
Lot 39	4.90
Lot 40	4.90
Lot 41	4.90
Lot 42	4.90
Lot 43	4.90
Lot 44	4.90
Lot 45	4.90
Lot 46	4.90
Lot 47	4.90
Lot 48	4.90
Lot 49	4.90
Lot 50	4.90
Lot 51	4.90
Lot 52	4.90
Lot 53	4.90
Lot 54	4.90
Lot 55	4.90
Lot 56	4.90
Lot 57	4.90
Lot 58	4.90
Lot 59	4.90
Lot 60	4.90
Lot 61	4.90
Lot 62	4.90
Lot 63	4.90
Lot 64	4.90
Lot 65	4.90
Lot 66	4.90
Lot 67	4.90
Lot 68	4.90
Lot 69	4.90
Lot 70	4.90
Lot 71	4.90
Lot 72	4.90
Lot 73	4.90
Lot 74	4.90
Cranbrook Manor Subdivision
Lot 1	.56
Lot 2	.56
Lot 3	.56
Lot 4	.56
Lot 5	.56
Lot 6	.56
Lot 7	.56
Lot 8	.56
Lot 9	.56
Lot 10	.56
Lot 11	.56
Lot 12	.56
Lot 13	.56
Lot 14	.56
Lot 15	.56
Lot 16	.56
Lot 17	.56
Lot 18	.56
Lot 19	.56
Lot 20	.56
Lot 21	.56
Lot 22	.56
Lot 23	.56
Lot 24	.56
Lot 25	.56
Lot 26	.56
Lot 27	.56
Lot 28	.56
Lot 29	.56
Lot 30	.56
Lot 31	.56
Lot 32	.56
Lot 33	.56
Lot 34	.56
Lot 35	.56
Lot 36	.56
Lot 37	.56
Lot 38	.56
Lot 39	.56
Lot 40	.56
Lot 41	.56
Lot 42	.56
Lot 43	.56
Lot 44	.56
Lot 45	.56
Lot 46	.56
Lot 47	.56
Lot 48	.56
Lot 49	.56
Lot 50	.56
Lot 51	.56
Lot 52	.56
Lot 53	.56
Lot 54	.56
Lot 55	.56
Lot 56	.56
Lot 57	.56
Lot 58	.56
Lot 59	.56
Lot 60	.56
Lot 61	.56
Lot 62	.56
Lot 63	.56
Lot 64	.56
Lot 65	.56
Lot 66	.56
Lot 67	.56
Lot 68	.56
Lot 69	.56
Lot 70	.56
Lot 71	.56
Lot 72	.56
Lot 73	.56
Lot 74	.56
Lot 75	.56
Lot 76	.56
Lot 77	.56
Lot 78	1.02
(Continued on Page 5, Part 8)
